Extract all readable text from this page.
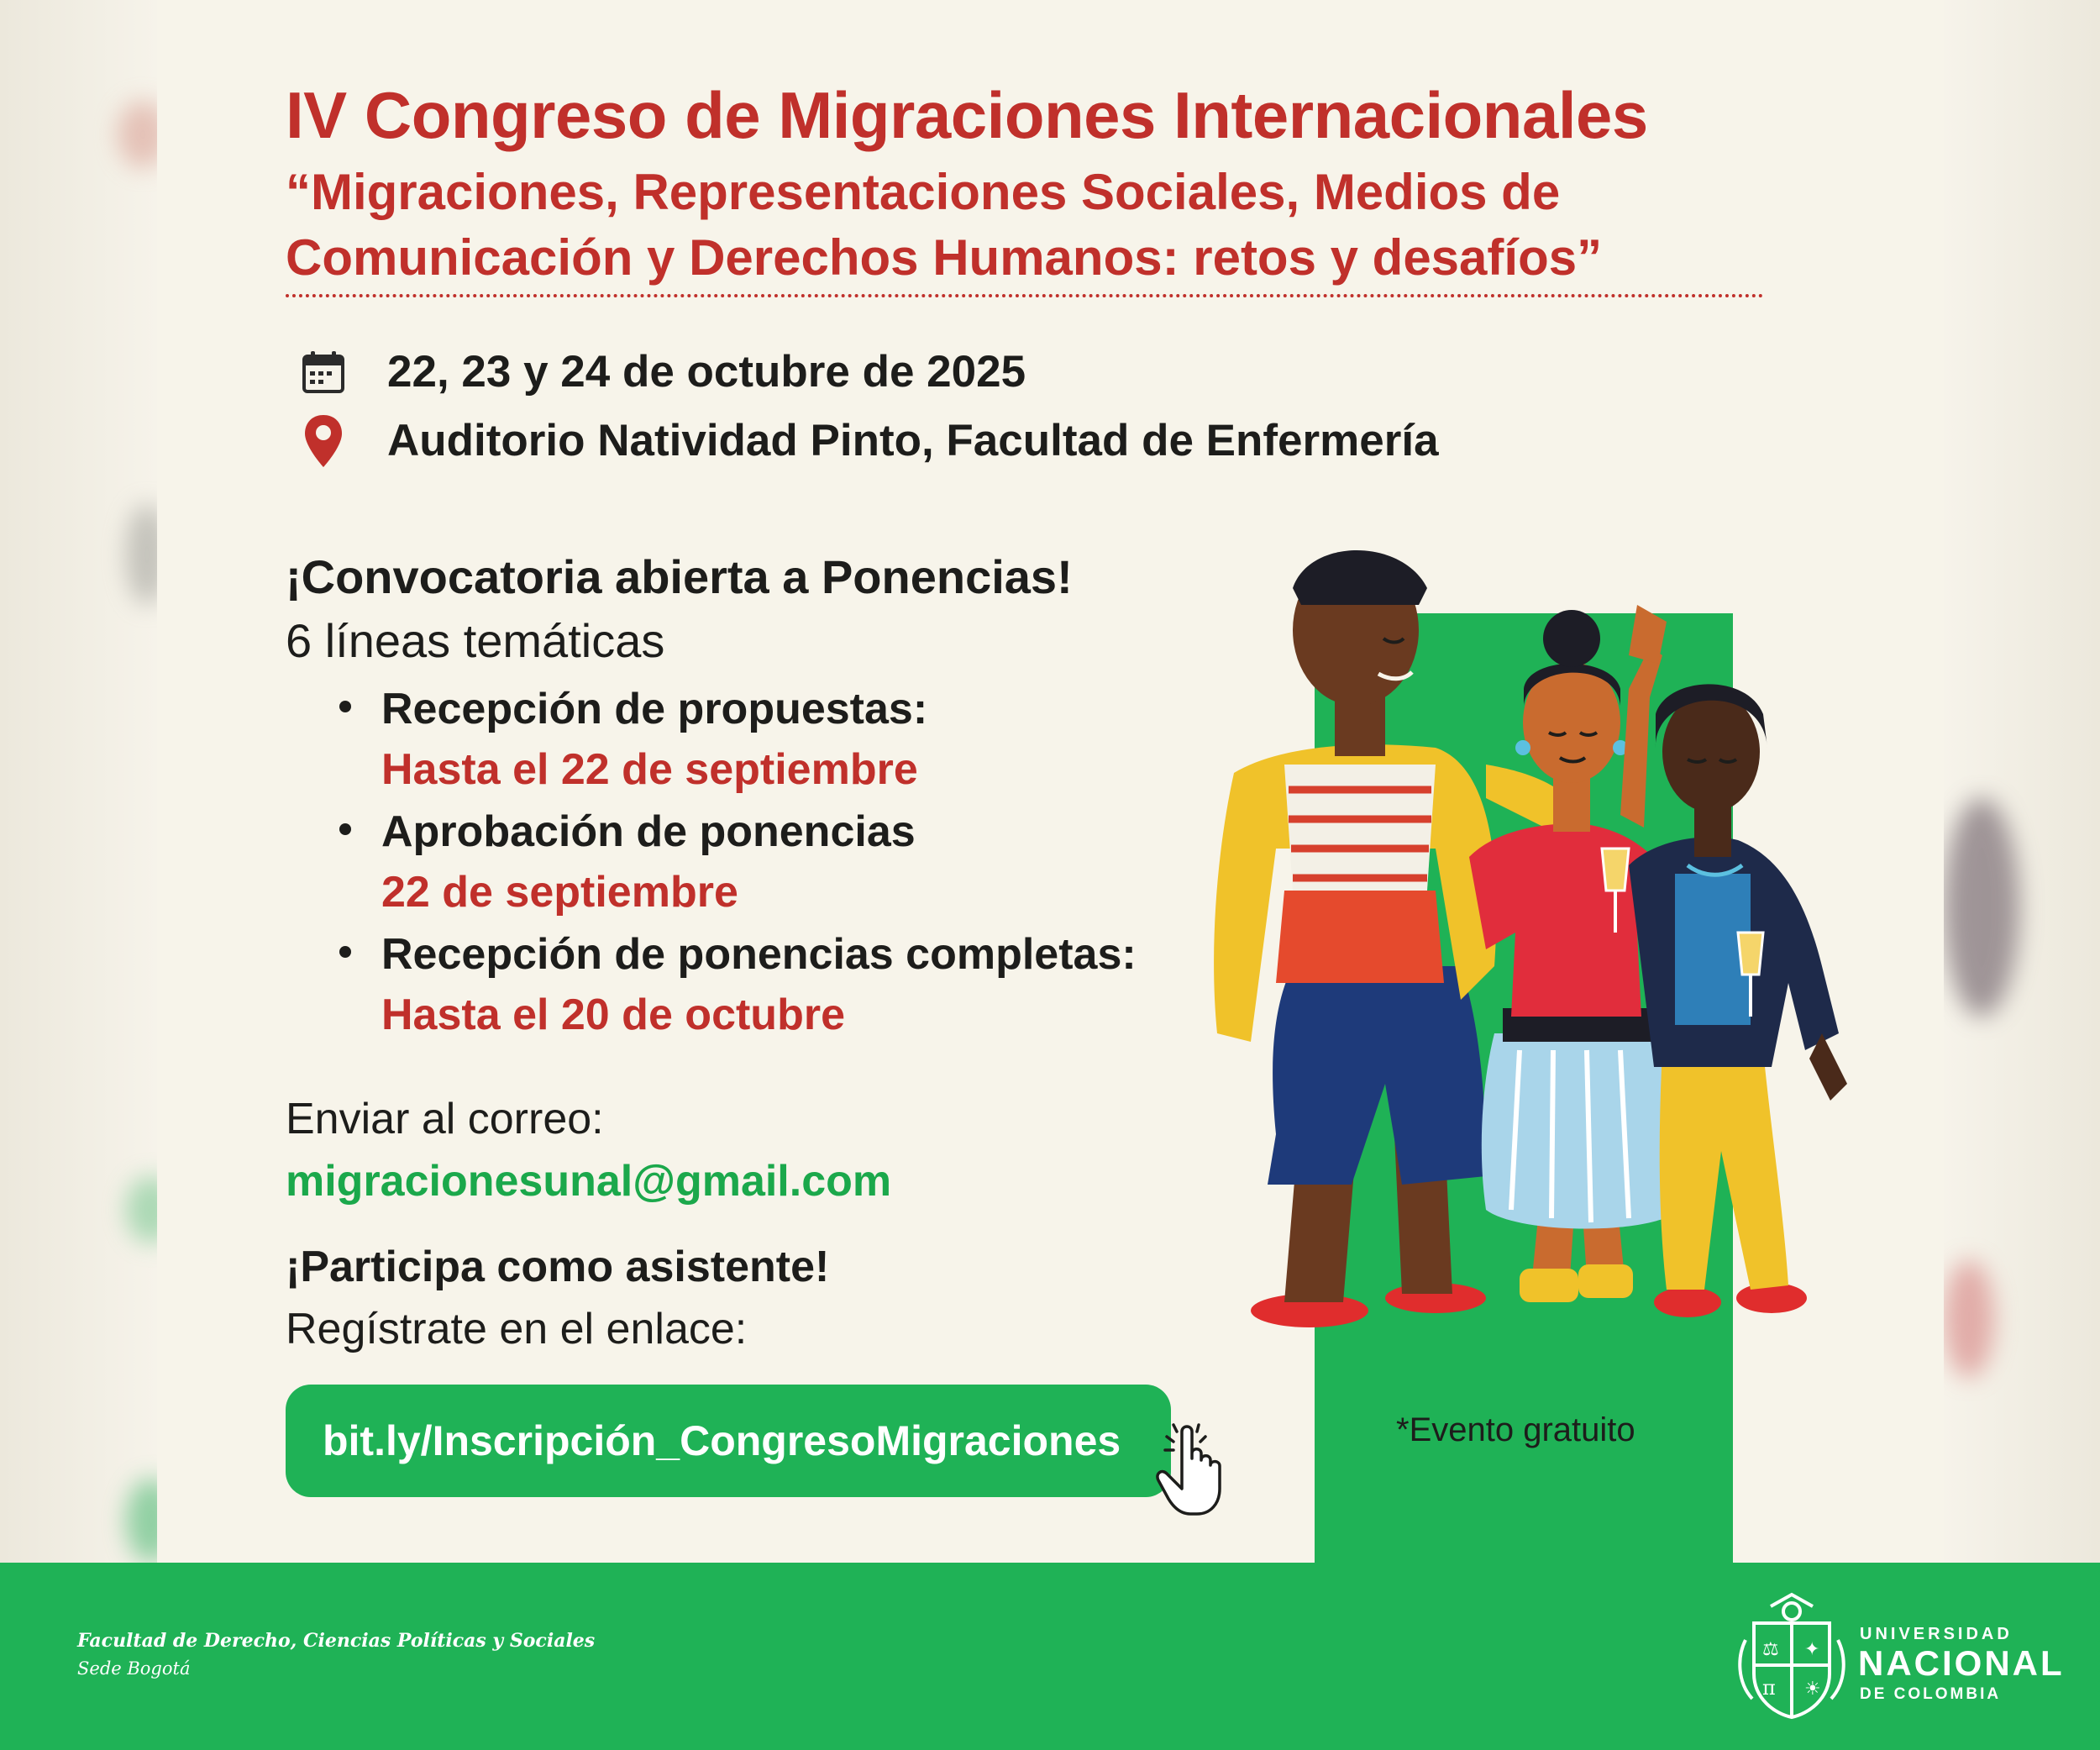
IV Congreso de Migraciones Internacionales
“Migraciones, Representaciones Sociales, Medios de
Comunicación y Derechos Humanos: retos y desafíos”
22, 23 y 24 de octubre de 2025
Auditorio Natividad Pinto, Facultad de Enfermería

¡Convocatoria abierta a Ponencias!

6 líneas temáticas

Recepción de propuestas:
Hasta el 22 de septiembre
Aprobación de ponencias
22 de septiembre
Recepción de ponencias completas:
Hasta el 20 de octubre

Enviar al correo:

migracionesunal@gmail.com

¡Participa como asistente!

Regístrate en el enlace:

bit.ly/Inscripción_CongresoMigraciones	*Evento gratuito

Facultad de Derecho, Ciencias Políticas y Sociales

Sede Bogotá

⚖ ✦
π ☀

UNIVERSIDAD

NACIONAL

DE COLOMBIA
